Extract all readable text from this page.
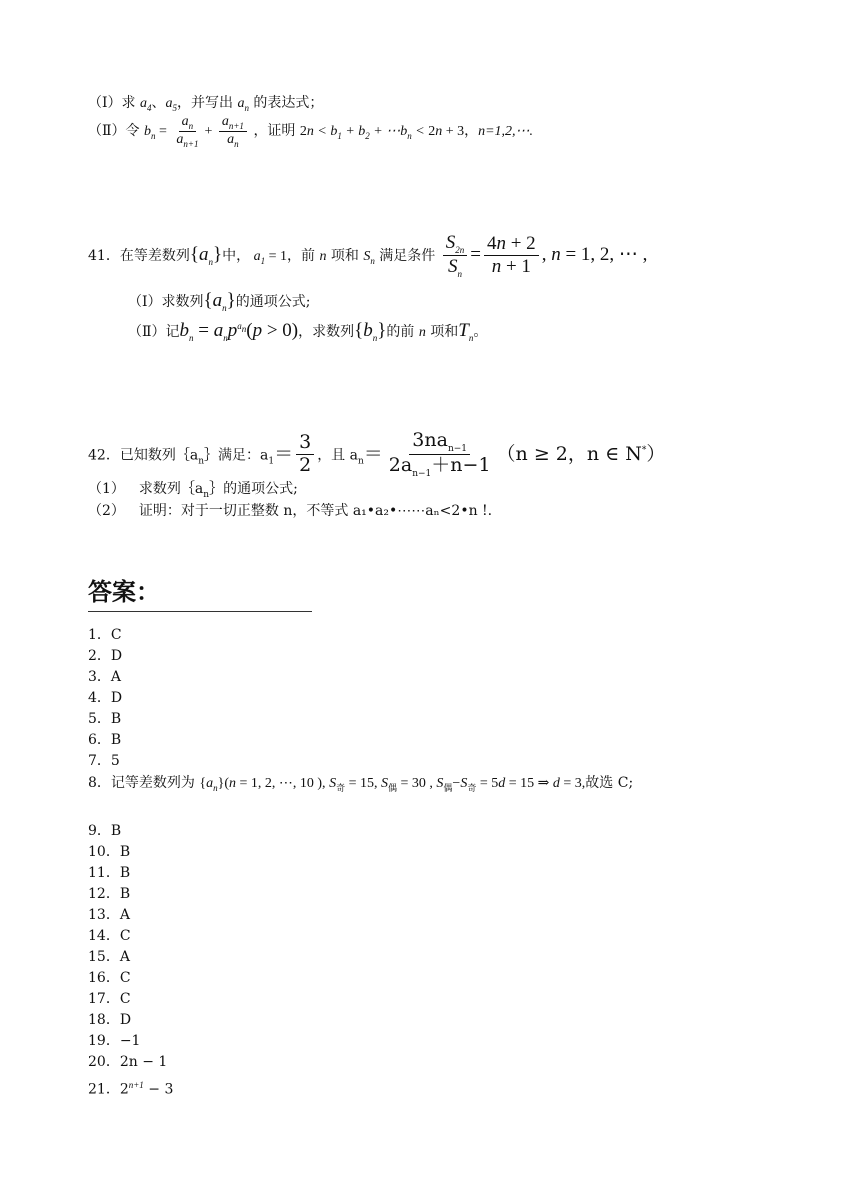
（Ⅰ）求 $a_4$、$a_5$，并写出 $a_n$ 的表达式；
（Ⅱ）令 $b_n = \frac{a_n}{a_{n+1}} + \frac{a_{n+1}}{a_n}$ ，证明 $2n < b_1 + b_2$ + $\cdots b_n < 2n + 3$，n=1,2,⋯.
41．在等差数列$\{a_n\}$中， $a_1 = 1$，前 n 项和 $S_n$ 满足条件 $\frac{S_{2n}}{S_n} = \frac{4n + 2}{n + 1}$ , n = 1, 2, ⋯ ,
（Ⅰ）求数列$\{a_n\}$的通项公式;
（Ⅱ）记$b_n = a_np^{a_n}(p > 0)$，求数列$\{b_n\}$的前 n 项和$T_n$。
42．已知数列$\{a_n\}$满足：$a_1= \frac{3}{2}$ ，且 $a_n= \frac{3na_{n-1}}{2a_{n-1}+n-1} (n \ge 2$，n ∈ N*）
（1） 求数列$\{a_n\}$的通项公式;
（2） 证明：对于一切正整数 n，不等式 a₁•a₂•⋯⋯aₙ<2•n !.
答案：
1．C
2．D
3．A
4．D
5．B
6．B
7．5
8．记等差数列为 $\{a_n\}(n = 1$, 2, ⋯, 10 ), $S_奇 = 15$, $S_偶 = 30$ , $S_偶-S_奇 = 5d = 15$ ⇒ d = 3,故选 C;
9．B
10．B
11．B
12．B
13．A
14．C
15．A
16．C
17．C
18．D
19．−1
20．2n − 1
21．$2^{n+1} - 3$
